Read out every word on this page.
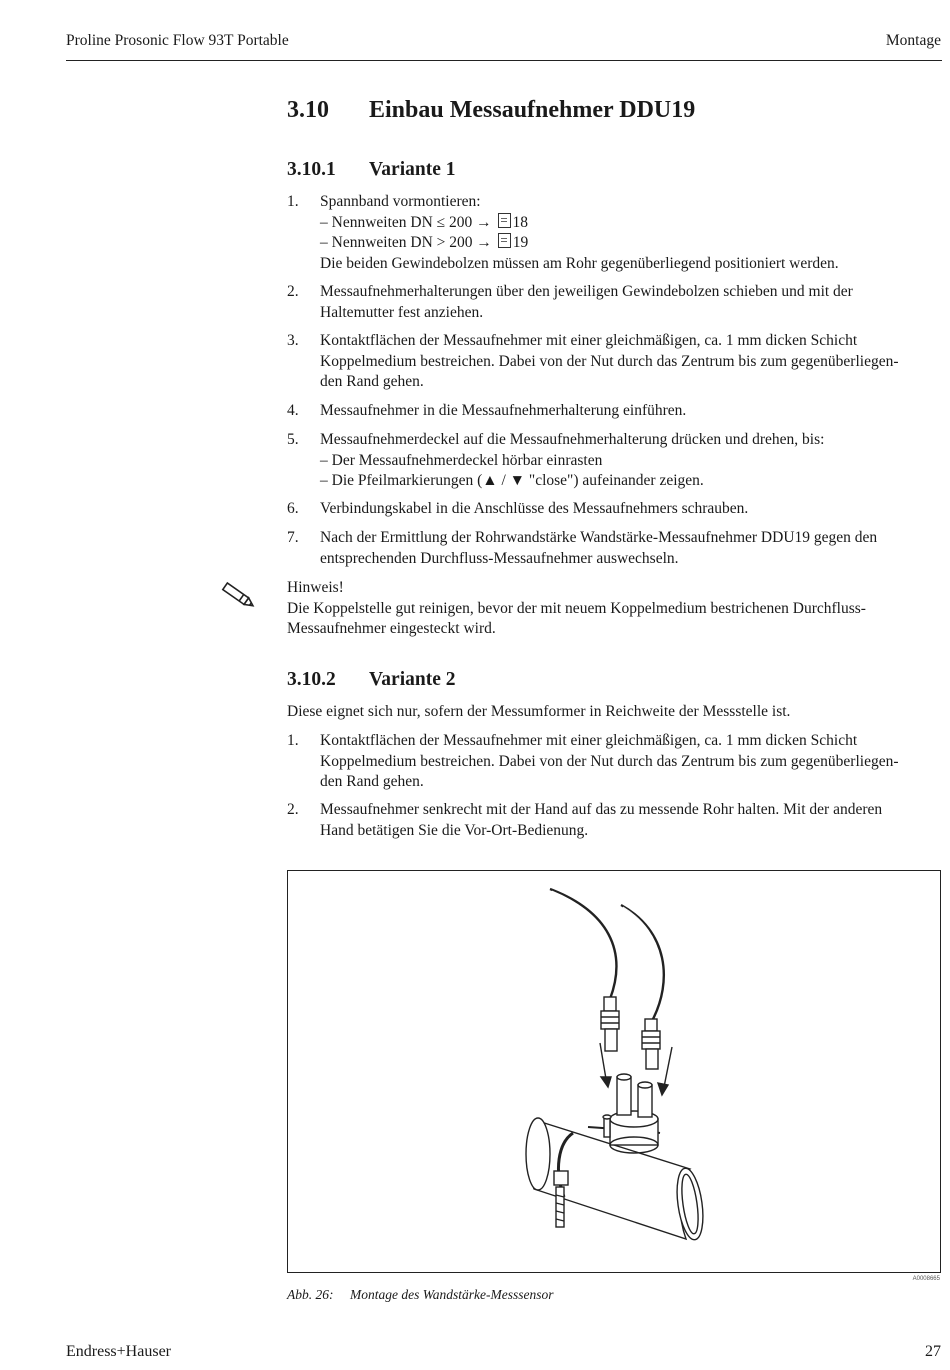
Proline Prosonic Flow 93T Portable	Montage
3.10 Einbau Messaufnehmer DDU19
3.10.1 Variante 1
1. Spannband vormontieren:
– Nennweiten DN ≤ 200 → 18
– Nennweiten DN > 200 → 19
Die beiden Gewindebolzen müssen am Rohr gegenüberliegend positioniert werden.
2. Messaufnehmerhalterungen über den jeweiligen Gewindebolzen schieben und mit der
Haltemutter fest anziehen.
3. Kontaktflächen der Messaufnehmer mit einer gleichmäßigen, ca. 1 mm dicken Schicht
Koppelmedium bestreichen. Dabei von der Nut durch das Zentrum bis zum gegenüberliegen-
den Rand gehen.
4. Messaufnehmer in die Messaufnehmerhalterung einführen.
5. Messaufnehmerdeckel auf die Messaufnehmerhalterung drücken und drehen, bis:
– Der Messaufnehmerdeckel hörbar einrasten
– Die Pfeilmarkierungen (▲ / ▼ "close") aufeinander zeigen.
6. Verbindungskabel in die Anschlüsse des Messaufnehmers schrauben.
7. Nach der Ermittlung der Rohrwandstärke Wandstärke-Messaufnehmer DDU19 gegen den
entsprechenden Durchfluss-Messaufnehmer auswechseln.
Hinweis!
Die Koppelstelle gut reinigen, bevor der mit neuem Koppelmedium bestrichenen Durchfluss-
Messaufnehmer eingesteckt wird.
3.10.2 Variante 2
Diese eignet sich nur, sofern der Messumformer in Reichweite der Messstelle ist.
1. Kontaktflächen der Messaufnehmer mit einer gleichmäßigen, ca. 1 mm dicken Schicht
Koppelmedium bestreichen. Dabei von der Nut durch das Zentrum bis zum gegenüberliegen-
den Rand gehen.
2. Messaufnehmer senkrecht mit der Hand auf das zu messende Rohr halten. Mit der anderen
Hand betätigen Sie die Vor-Ort-Bedienung.
A0008665
Abb. 26: Montage des Wandstärke-Messsensor
Endress+Hauser	27
